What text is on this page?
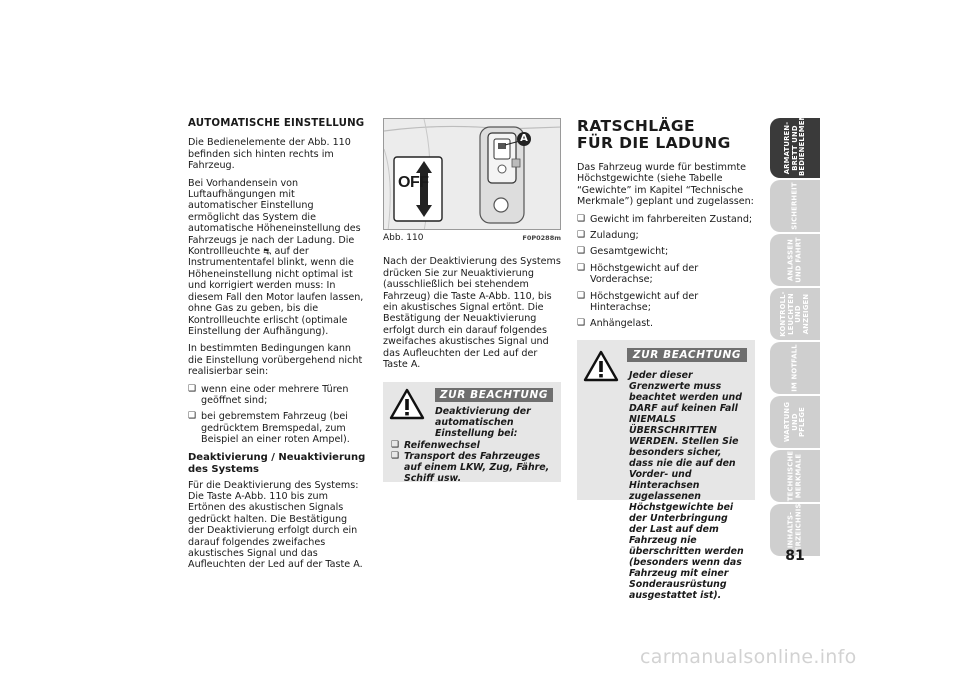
AUTOMATISCHE EINSTELLUNG

Die Bedienelemente der Abb. 110 befinden sich hinten rechts im Fahrzeug.

Bei Vorhandensein von Luftaufhängungen mit automatischer Einstellung ermöglicht das System die automatische Höheneinstellung des Fahrzeugs je nach der Ladung. Die Kontrollleuchte ⛐ auf der Instrumententafel blinkt, wenn die Höheneinstellung nicht optimal ist und korrigiert werden muss: In diesem Fall den Motor laufen lassen, ohne Gas zu geben, bis die Kontrollleuchte erlischt (optimale Einstellung der Aufhängung).

In bestimmten Bedingungen kann die Einstellung vorübergehend nicht realisierbar sein:

❑ wenn eine oder mehrere Türen geöffnet sind;
❑ bei gebremstem Fahrzeug (bei gedrücktem Bremspedal, zum Beispiel an einer roten Ampel).
Deaktivierung / Neuaktivierung des Systems

Für die Deaktivierung des Systems: Die Taste A-Abb. 110 bis zum Ertönen des akustischen Signals gedrückt halten. Die Bestätigung der Deaktivierung erfolgt durch ein darauf folgendes zweifaches akustisches Signal und das Aufleuchten der Led auf der Taste A.

OFF
A
Abb. 110	F0P0288m

Nach der Deaktivierung des Systems drücken Sie zur Neuaktivierung (ausschließlich bei stehendem Fahrzeug) die Taste A-Abb. 110, bis ein akustisches Signal ertönt. Die Bestätigung der Neuaktivierung erfolgt durch ein darauf folgendes zweifaches akustisches Signal und das Aufleuchten der Led auf der Taste A.

ZUR BEACHTUNG
Deaktivierung der automatischen Einstellung bei:
❑ Reifenwechsel
❑ Transport des Fahrzeuges auf einem LKW, Zug, Fähre, Schiff usw.
RATSCHLÄGE
FÜR DIE LADUNG

Das Fahrzeug wurde für bestimmte Höchstgewichte (siehe Tabelle “Gewichte” im Kapitel “Technische Merkmale”) geplant und zugelassen:

❑ Gewicht im fahrbereiten Zustand;
❑ Zuladung;
❑ Gesamtgewicht;
❑ Höchstgewicht auf der Vorderachse;
❑ Höchstgewicht auf der Hinterachse;
❑ Anhängelast.
ZUR BEACHTUNG
Jeder dieser Grenzwerte muss beachtet werden und DARF auf keinen Fall NIEMALS ÜBERSCHRITTEN WERDEN. Stellen Sie besonders sicher, dass nie die auf den Vorder- und Hinterachsen zugelassenen Höchstgewichte bei der Unterbringung der Last auf dem Fahrzeug nie überschritten werden (besonders wenn das Fahrzeug mit einer Sonderausrüstung ausgestattet ist).
ARMATUREN-
BRETT UND
BEDIENELEMENTE
SICHERHEIT
ANLASSEN
UND FAHRT
KONTROLL-
LEUCHTEN UND
ANZEIGEN
IM NOTFALL
WARTUNG UND
PFLEGE
TECHNISCHE
MERKMALE
INHALTS-
VERZEICHNIS
81
carmanualsonline.info
